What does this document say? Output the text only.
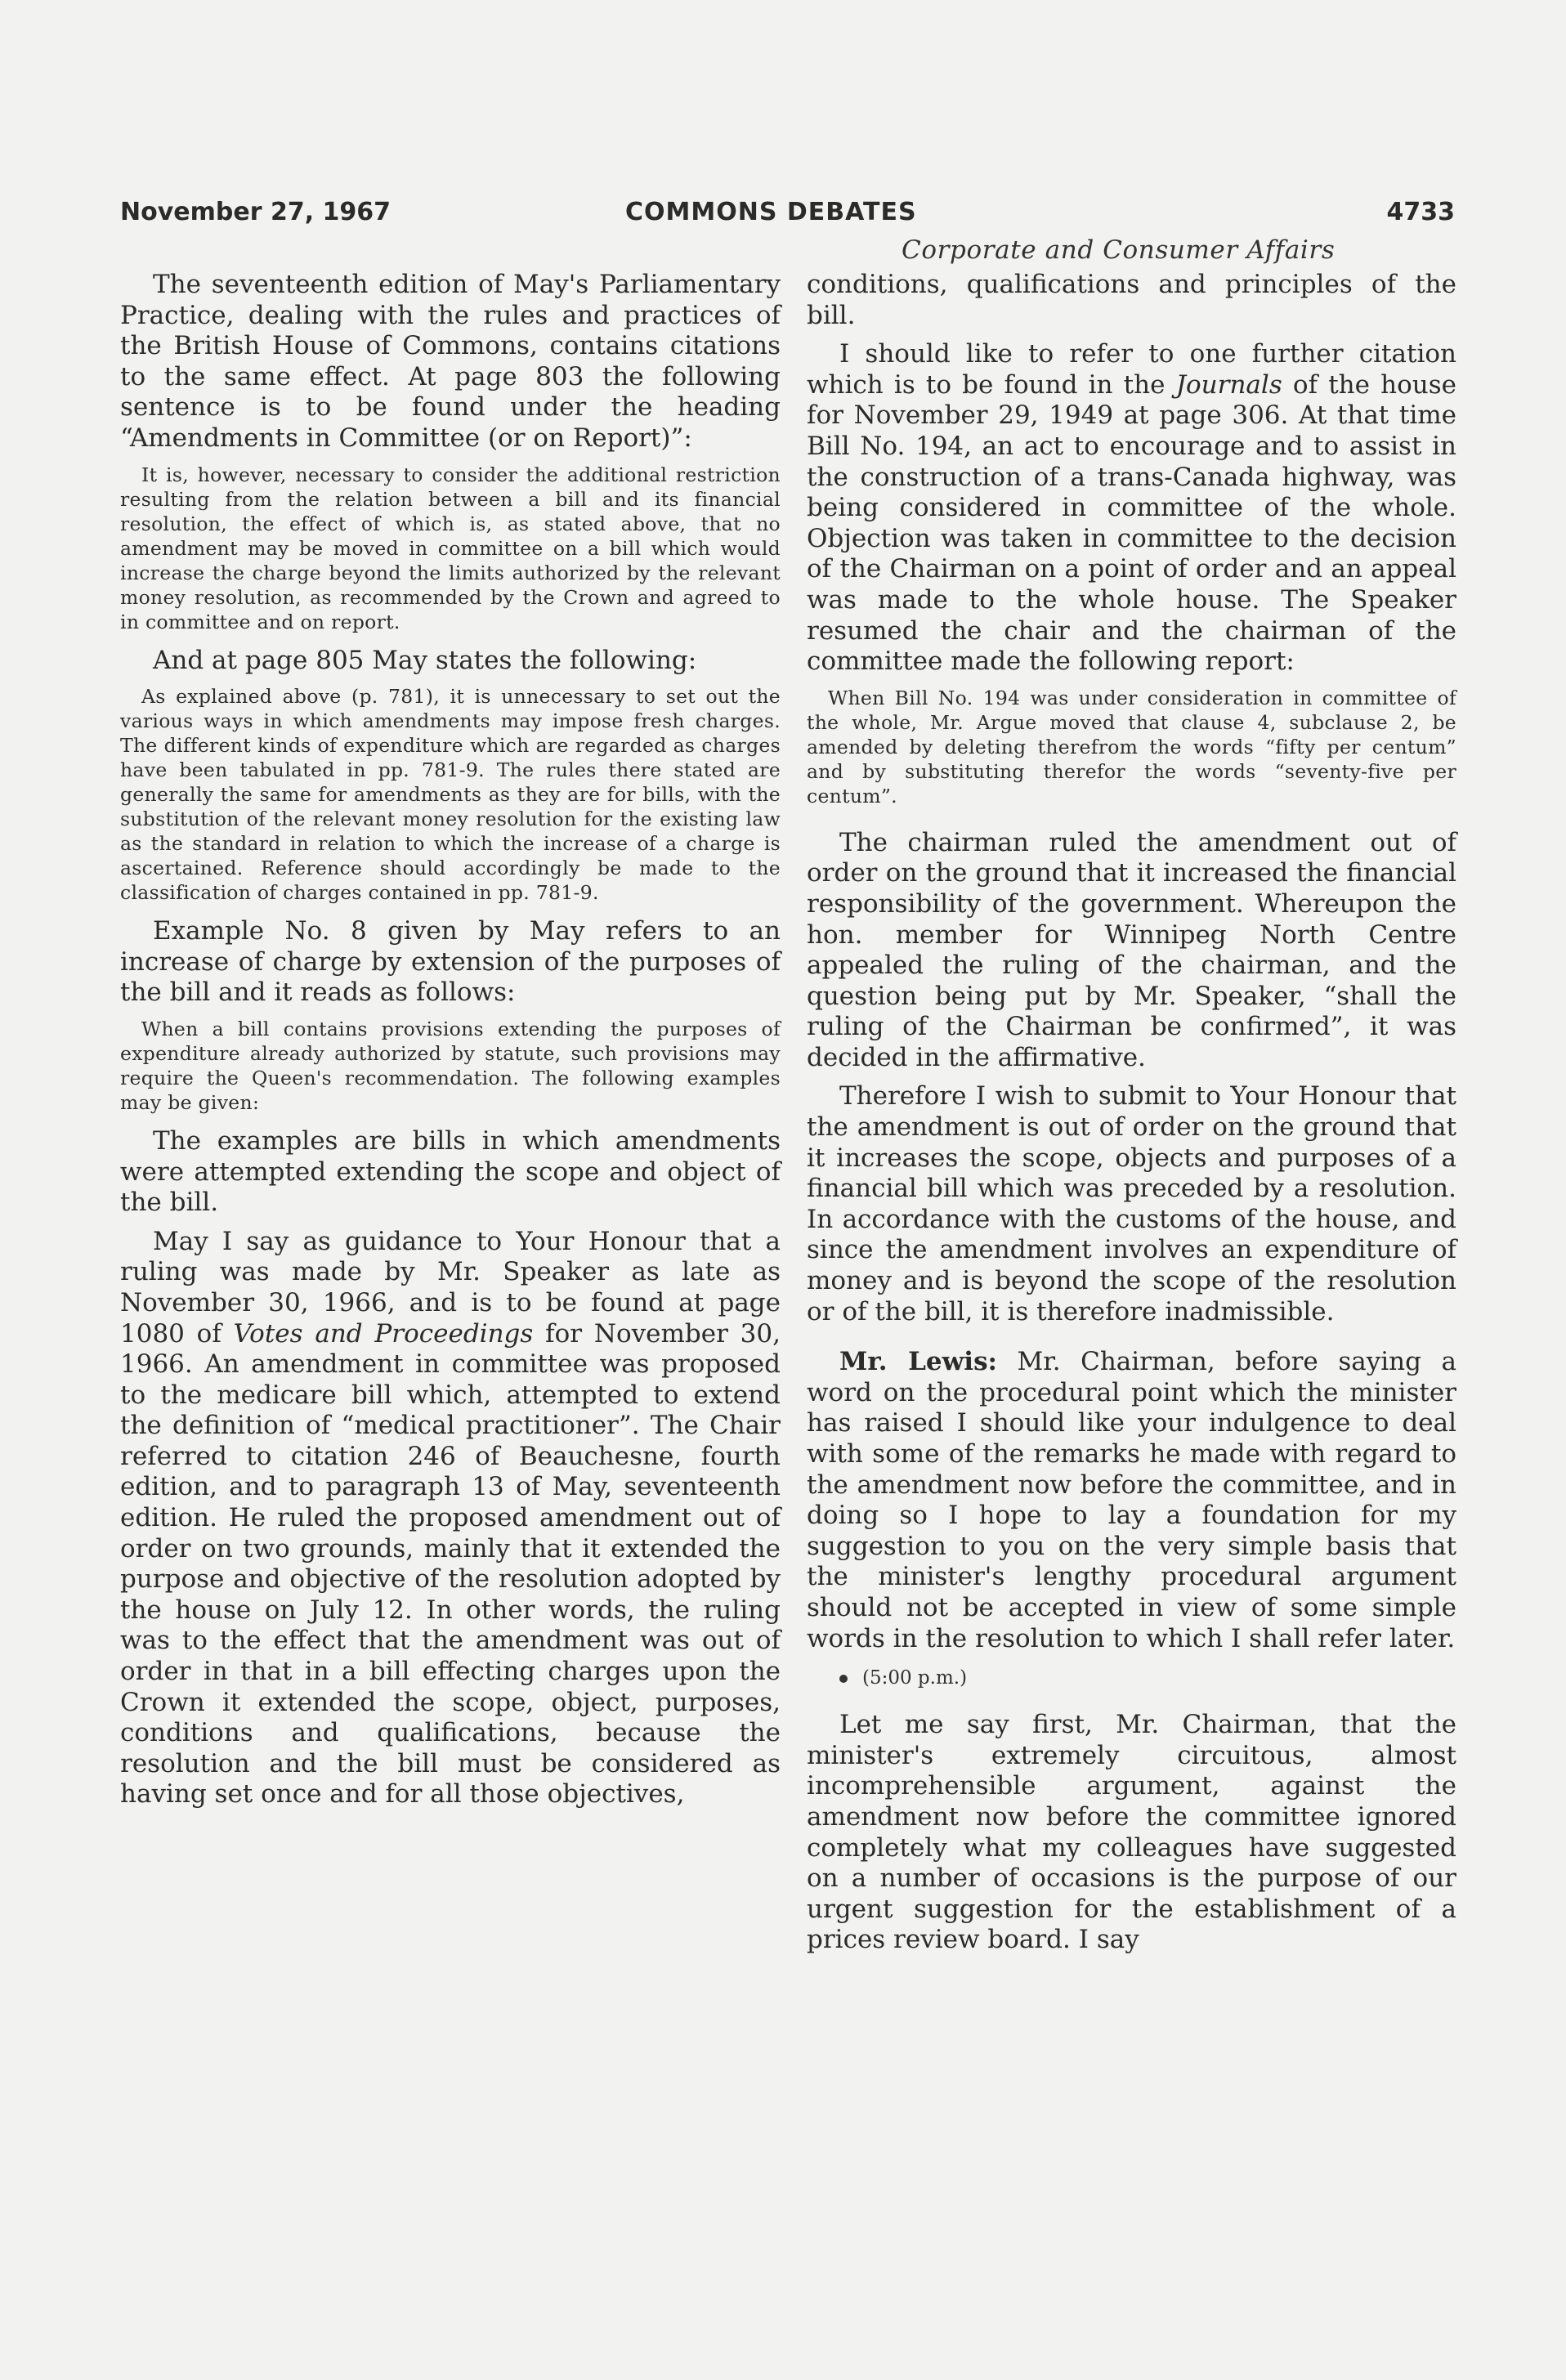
November 27, 1967	COMMONS DEBATES	4733
Corporate and Consumer Affairs

The seventeenth edition of May's Parliamentary Practice, dealing with the rules and practices of the British House of Commons, contains citations to the same effect. At page 803 the following sentence is to be found under the heading “Amendments in Committee (or on Report)”:

It is, however, necessary to consider the additional restriction resulting from the relation between a bill and its financial resolution, the effect of which is, as stated above, that no amendment may be moved in committee on a bill which would increase the charge beyond the limits authorized by the relevant money resolution, as recommended by the Crown and agreed to in committee and on report.

And at page 805 May states the following:

As explained above (p. 781), it is unnecessary to set out the various ways in which amendments may impose fresh charges. The different kinds of expenditure which are regarded as charges have been tabulated in pp. 781-9. The rules there stated are generally the same for amendments as they are for bills, with the substitution of the relevant money resolution for the existing law as the standard in relation to which the increase of a charge is ascertained. Reference should accordingly be made to the classification of charges contained in pp. 781-9.

Example No. 8 given by May refers to an increase of charge by extension of the purposes of the bill and it reads as follows:

When a bill contains provisions extending the purposes of expenditure already authorized by statute, such provisions may require the Queen's recommendation. The following examples may be given:

The examples are bills in which amendments were attempted extending the scope and object of the bill.

May I say as guidance to Your Honour that a ruling was made by Mr. Speaker as late as November 30, 1966, and is to be found at page 1080 of Votes and Proceedings for November 30, 1966. An amendment in committee was proposed to the medicare bill which, attempted to extend the definition of “medical practitioner”. The Chair referred to citation 246 of Beauchesne, fourth edition, and to paragraph 13 of May, seventeenth edition. He ruled the proposed amendment out of order on two grounds, mainly that it extended the purpose and objective of the resolution adopted by the house on July 12. In other words, the ruling was to the effect that the amendment was out of order in that in a bill effecting charges upon the Crown it extended the scope, object, purposes, conditions and qualifications, because the resolution and the bill must be considered as having set once and for all those objectives,

conditions, qualifications and principles of the bill.

I should like to refer to one further citation which is to be found in the Journals of the house for November 29, 1949 at page 306. At that time Bill No. 194, an act to encourage and to assist in the construction of a trans-Canada highway, was being considered in committee of the whole. Objection was taken in committee to the decision of the Chairman on a point of order and an appeal was made to the whole house. The Speaker resumed the chair and the chairman of the committee made the following report:

When Bill No. 194 was under consideration in committee of the whole, Mr. Argue moved that clause 4, subclause 2, be amended by deleting therefrom the words “fifty per centum” and by substituting therefor the words “seventy-five per centum”.

The chairman ruled the amendment out of order on the ground that it increased the financial responsibility of the government. Whereupon the hon. member for Winnipeg North Centre appealed the ruling of the chairman, and the question being put by Mr. Speaker, “shall the ruling of the Chairman be confirmed”, it was decided in the affirmative.

Therefore I wish to submit to Your Honour that the amendment is out of order on the ground that it increases the scope, objects and purposes of a financial bill which was preceded by a resolution. In accordance with the customs of the house, and since the amendment involves an expenditure of money and is beyond the scope of the resolution or of the bill, it is therefore inadmissible.

Mr. Lewis: Mr. Chairman, before saying a word on the procedural point which the minister has raised I should like your indulgence to deal with some of the remarks he made with regard to the amendment now before the committee, and in doing so I hope to lay a foundation for my suggestion to you on the very simple basis that the minister's lengthy procedural argument should not be accepted in view of some simple words in the resolution to which I shall refer later.

(5:00 p.m.)

Let me say first, Mr. Chairman, that the minister's extremely circuitous, almost incomprehensible argument, against the amendment now before the committee ignored completely what my colleagues have suggested on a number of occasions is the purpose of our urgent suggestion for the establishment of a prices review board. I say
